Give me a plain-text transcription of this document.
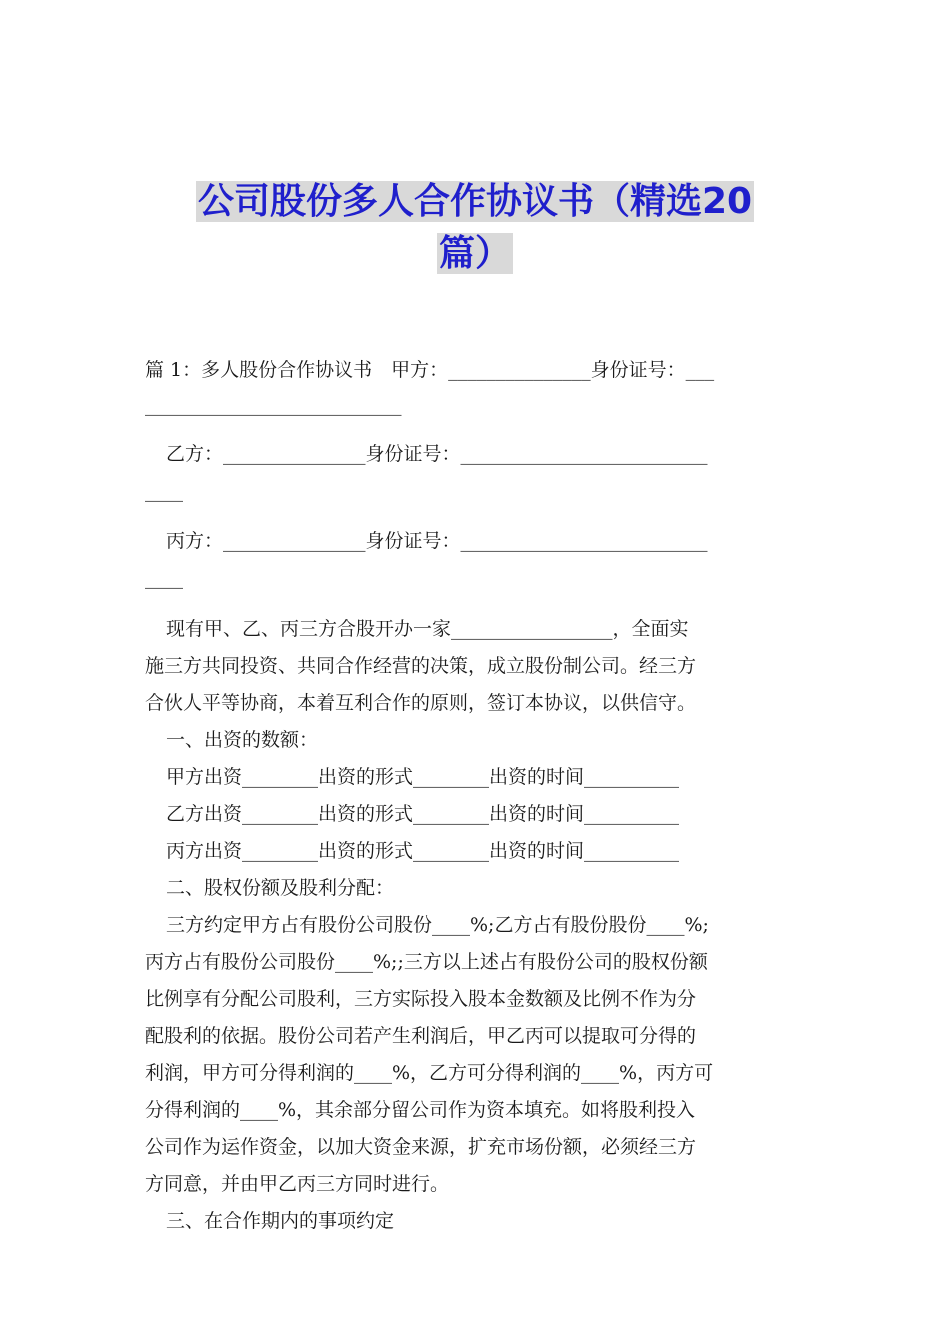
公司股份多人合作协议书（精选20
篇）
篇 1：多人股份合作协议书　甲方：_______________身份证号：___
___________________________
乙方：_______________身份证号：__________________________
____
丙方：_______________身份证号：__________________________
____
现有甲、乙、丙三方合股开办一家_________________，全面实
施三方共同投资、共同合作经营的决策，成立股份制公司。经三方
合伙人平等协商，本着互利合作的原则，签订本协议，以供信守。
一、出资的数额：
甲方出资________出资的形式________出资的时间__________
乙方出资________出资的形式________出资的时间__________
丙方出资________出资的形式________出资的时间__________
二、股权份额及股利分配：
三方约定甲方占有股份公司股份____%;乙方占有股份股份____%;
丙方占有股份公司股份____%;;三方以上述占有股份公司的股权份额
比例享有分配公司股利，三方实际投入股本金数额及比例不作为分
配股利的依据。股份公司若产生利润后，甲乙丙可以提取可分得的
利润，甲方可分得利润的____%，乙方可分得利润的____%，丙方可
分得利润的____%，其余部分留公司作为资本填充。如将股利投入
公司作为运作资金，以加大资金来源，扩充市场份额，必须经三方
方同意，并由甲乙丙三方同时进行。
三、在合作期内的事项约定
